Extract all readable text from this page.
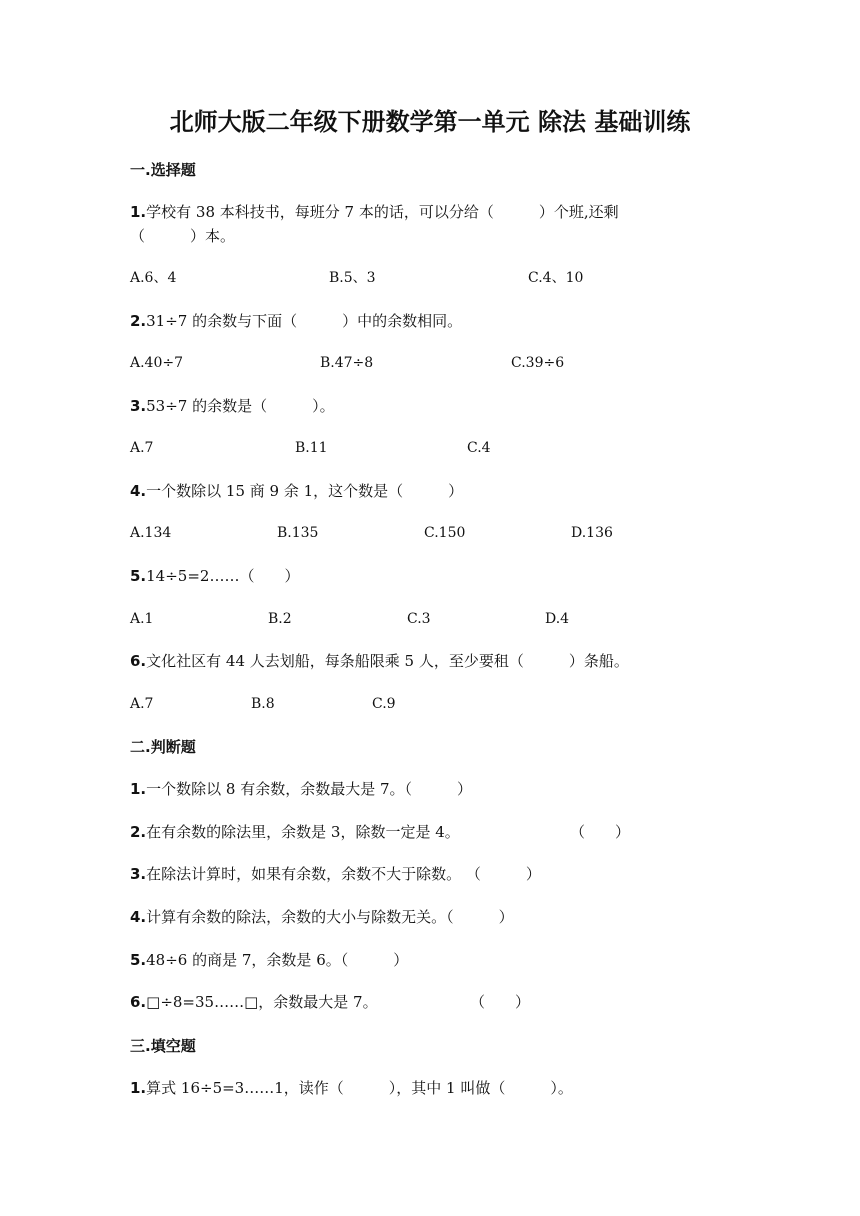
北师大版二年级下册数学第一单元 除法 基础训练
一.选择题
1.学校有 38 本科技书，每班分 7 本的话，可以分给（　　　）个班,还剩
（　　　）本。
A.6、4	B.5、3	C.4、10
2.31÷7 的余数与下面（　　　）中的余数相同。
A.40÷7	B.47÷8	C.39÷6
3.53÷7 的余数是（　　　）。
A.7	B.11	C.4
4.一个数除以 15 商 9 余 1，这个数是（　　　）
A.134	B.135	C.150	D.136
5.14÷5=2……（　　）
A.1	B.2	C.3	D.4
6.文化社区有 44 人去划船，每条船限乘 5 人，至少要租（　　　）条船。
A.7	B.8	C.9
二.判断题
1.一个数除以 8 有余数，余数最大是 7。（　　　）
2.在有余数的除法里，余数是 3，除数一定是 4。	（　　）
3.在除法计算时，如果有余数，余数不大于除数。 （　　　）
4.计算有余数的除法，余数的大小与除数无关。（　　　）
5.48÷6 的商是 7，余数是 6。（　　　）
6.□÷8=35……□，余数最大是 7。	（　　）
三.填空题
1.算式 16÷5=3……1，读作（　　　），其中 1 叫做（　　　）。
